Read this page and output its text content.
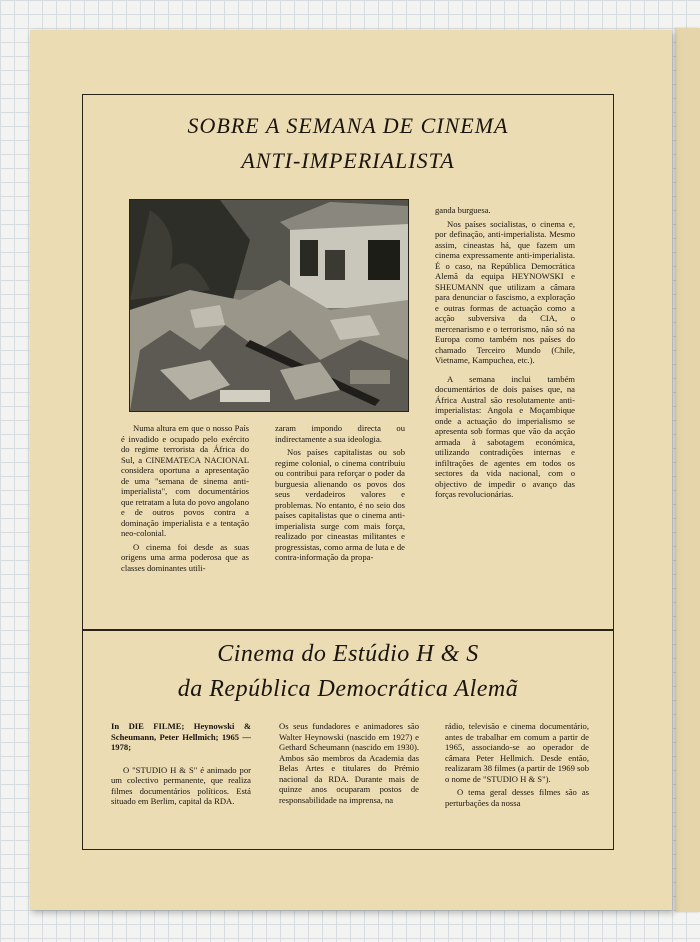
SOBRE A SEMANA DE CINEMA
ANTI-IMPERIALISTA

Numa altura em que o nosso País é invadido e ocupado pelo exército do regime terrorista da África do Sul, a CINEMATECA NACIONAL considera oportuna a apresentação de uma "semana de sinema anti-imperialista", com documentários que retratam a luta do povo angolano e de outros povos contra a dominação imperialista e a tentação neo-colonial.

O cinema foi desde as suas origens uma arma poderosa que as classes dominantes utili-

zaram impondo directa ou indirectamente a sua ideologia.

Nos países capitalistas ou sob regime colonial, o cinema contribuiu ou contribui para reforçar o poder da burguesia alienando os povos dos seus verdadeiros valores e problemas. No entanto, é no seio dos países capitalistas que o cinema anti-imperialista surge com mais força, realizado por cineastas militantes e progressistas, como arma de luta e de contra-informação da propa-

ganda burguesa.

Nos países socialistas, o cinema e, por definação, anti-imperialista. Mesmo assim, cineastas há, que fazem um cinema expressamente anti-imperialista. É o caso, na República Democrática Alemã da equipa HEYNOWSKI e SHEUMANN que utilizam a câmara para denunciar o fascismo, a exploração e outras formas de actuação como a acção subversiva da CIA, o mercenarismo e o terrorismo, não só na Europa como também nos países do chamado Terceiro Mundo (Chile, Vietname, Kampuchea, etc.).

A semana inclui também documentários de dois países que, na África Austral são resolutamente anti-imperialistas: Angola e Moçambique onde a actuação do imperialismo se apresenta sob formas que vão da acção armada à sabotagem económica, utilizando contradições internas e infiltrações de agentes em todos os sectores da vida nacional, com o objectivo de impedir o avanço das forças revolucionárias.

Cinema do Estúdio H & S
da República Democrática Alemã

In DIE FILME; Heynowski & Scheumann, Peter Hellmich; 1965 — 1978;

O "STUDIO H & S" é animado por um colectivo permanente, que realiza filmes documentários políticos. Está situado em Berlim, capital da RDA.

Os seus fundadores e animadores são Walter Heynowski (nascido em 1927) e Gethard Scheumann (nascido em 1930). Ambos são membros da Academia das Belas Artes e titulares do Prémio nacional da RDA. Durante mais de quinze anos ocuparam postos de responsabilidade na imprensa, na

rádio, televisão e cinema documentário, antes de trabalhar em comum a partir de 1965, associando-se ao operador de câmara Peter Hellmich. Desde então, realizaram 38 filmes (a partir de 1969 sob o nome de "STUDIO H & S").

O tema geral desses filmes são as perturbações da nossa
